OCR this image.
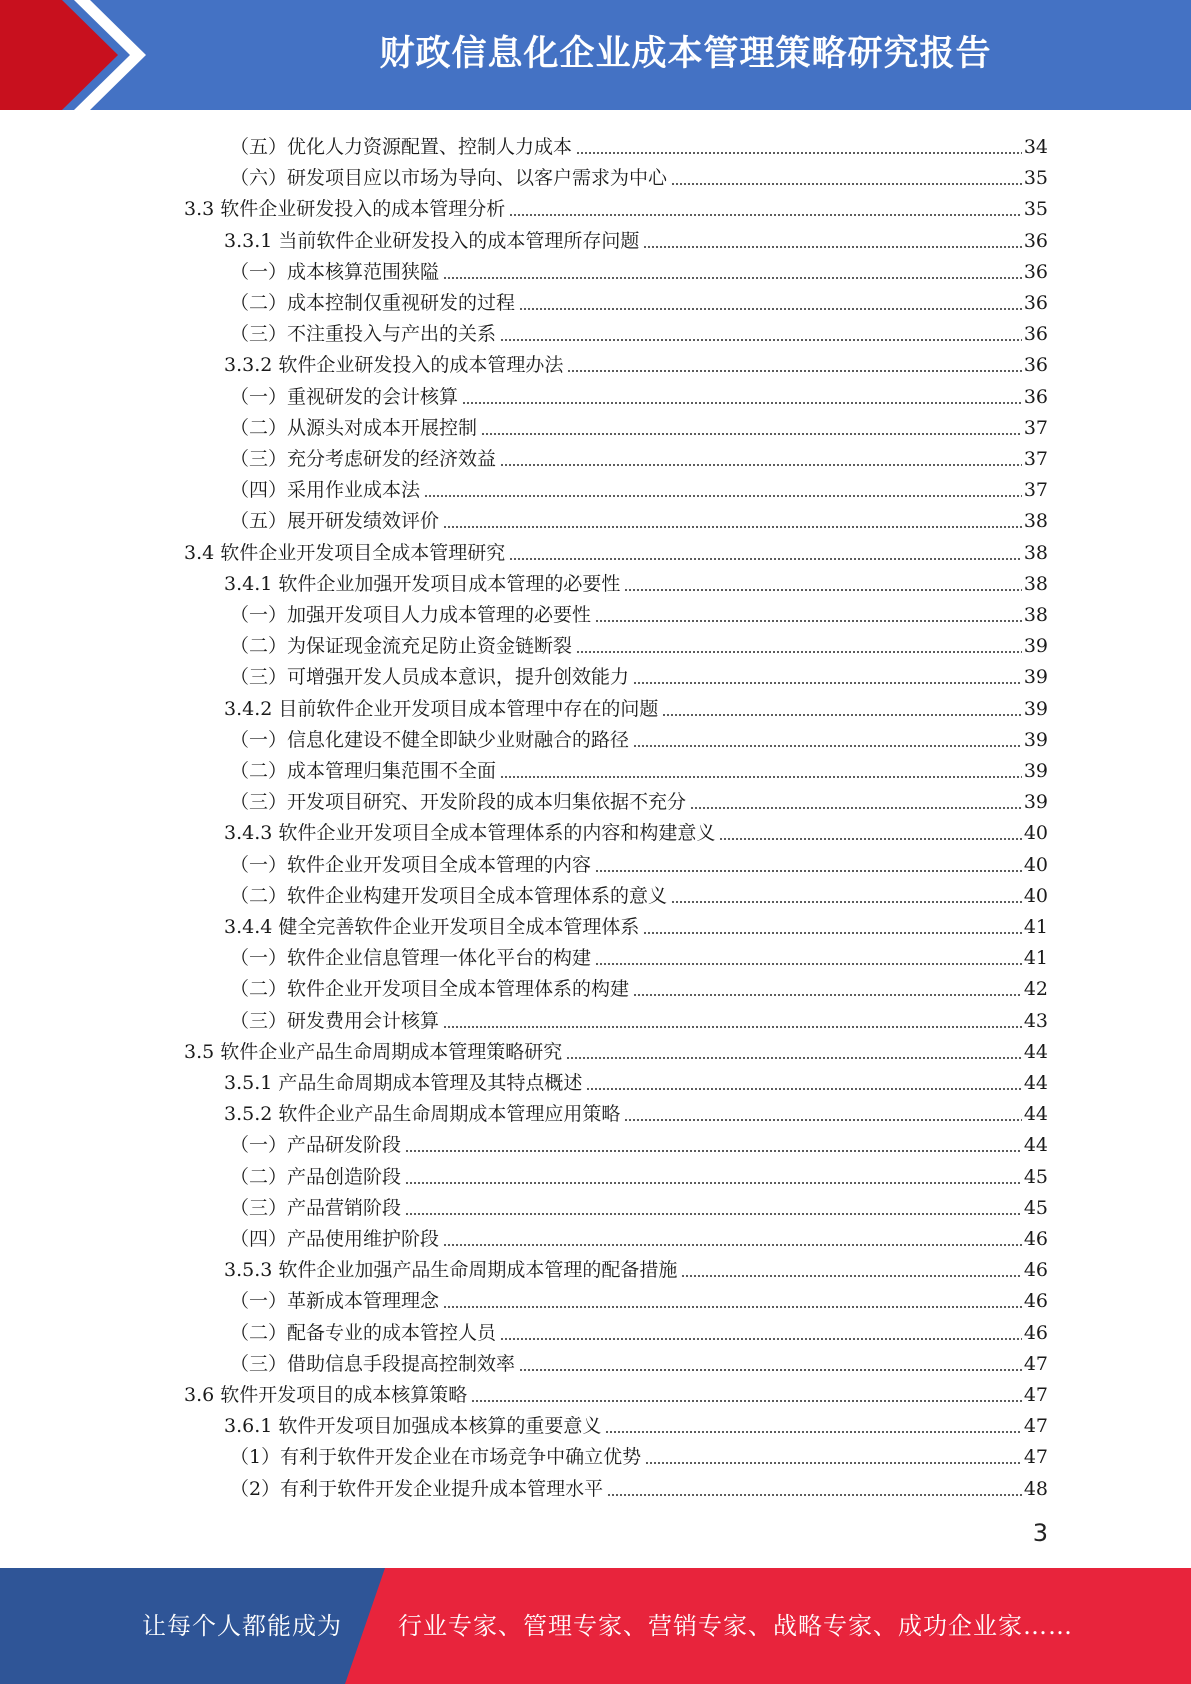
财政信息化企业成本管理策略研究报告
（五）优化人力资源配置、控制人力成本	34
（六）研发项目应以市场为导向、以客户需求为中心	35
3.3 软件企业研发投入的成本管理分析	35
3.3.1 当前软件企业研发投入的成本管理所存问题	36
（一）成本核算范围狭隘	36
（二）成本控制仅重视研发的过程	36
（三）不注重投入与产出的关系	36
3.3.2 软件企业研发投入的成本管理办法	36
（一）重视研发的会计核算	36
（二）从源头对成本开展控制	37
（三）充分考虑研发的经济效益	37
（四）采用作业成本法	37
（五）展开研发绩效评价	38
3.4 软件企业开发项目全成本管理研究	38
3.4.1 软件企业加强开发项目成本管理的必要性	38
（一）加强开发项目人力成本管理的必要性	38
（二）为保证现金流充足防止资金链断裂	39
（三）可增强开发人员成本意识，提升创效能力	39
3.4.2 目前软件企业开发项目成本管理中存在的问题	39
（一）信息化建设不健全即缺少业财融合的路径	39
（二）成本管理归集范围不全面	39
（三）开发项目研究、开发阶段的成本归集依据不充分	39
3.4.3 软件企业开发项目全成本管理体系的内容和构建意义	40
（一）软件企业开发项目全成本管理的内容	40
（二）软件企业构建开发项目全成本管理体系的意义	40
3.4.4 健全完善软件企业开发项目全成本管理体系	41
（一）软件企业信息管理一体化平台的构建	41
（二）软件企业开发项目全成本管理体系的构建	42
（三）研发费用会计核算	43
3.5 软件企业产品生命周期成本管理策略研究	44
3.5.1 产品生命周期成本管理及其特点概述	44
3.5.2 软件企业产品生命周期成本管理应用策略	44
（一）产品研发阶段	44
（二）产品创造阶段	45
（三）产品营销阶段	45
（四）产品使用维护阶段	46
3.5.3 软件企业加强产品生命周期成本管理的配备措施	46
（一）革新成本管理理念	46
（二）配备专业的成本管控人员	46
（三）借助信息手段提高控制效率	47
3.6 软件开发项目的成本核算策略	47
3.6.1 软件开发项目加强成本核算的重要意义	47
（1）有利于软件开发企业在市场竞争中确立优势	47
（2）有利于软件开发企业提升成本管理水平	48
3
让每个人都能成为 行业专家、管理专家、营销专家、战略专家、成功企业家……
